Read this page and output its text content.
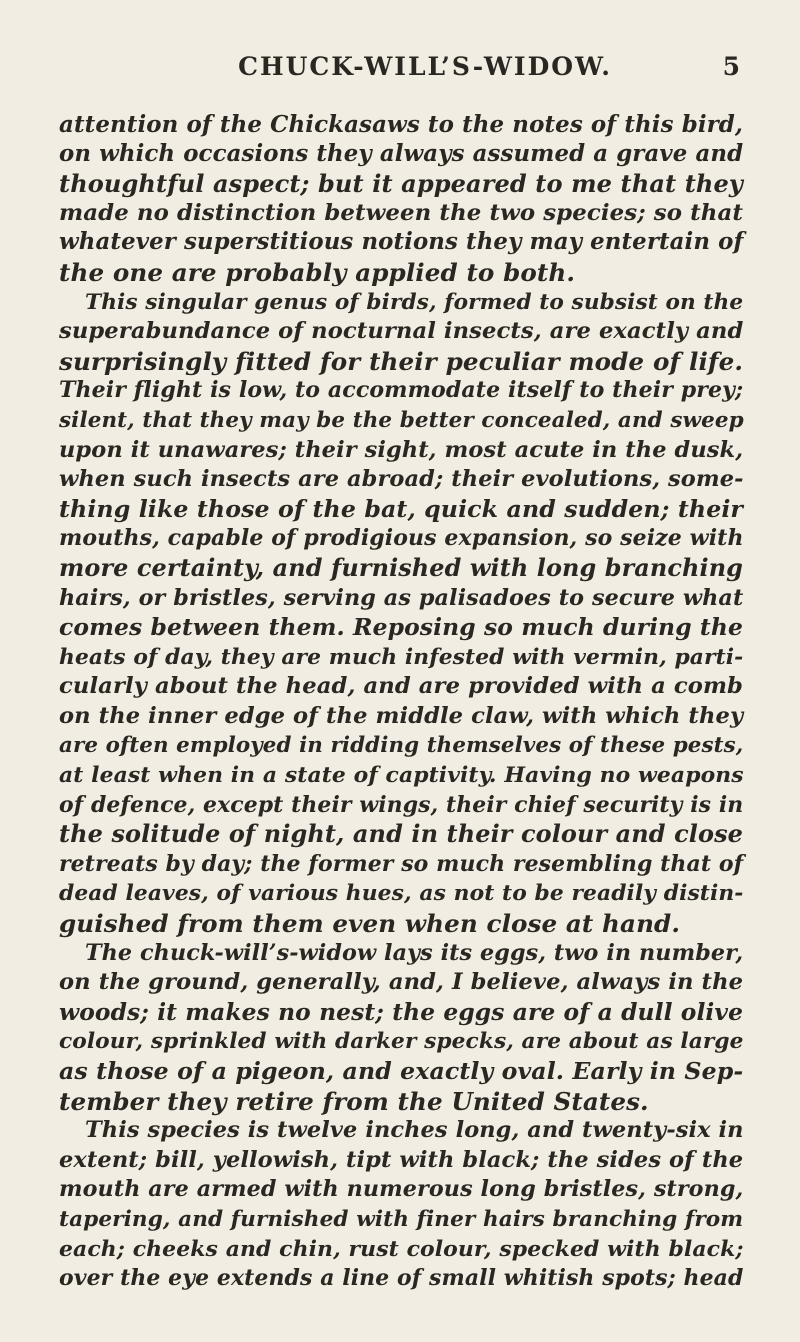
CHUCK-WILL’S-WIDOW.	5
attention of the Chickasaws to the notes of this bird,
on which occasions they always assumed a grave and
thoughtful aspect; but it appeared to me that they
made no distinction between the two species; so that
whatever superstitious notions they may entertain of
the one are probably applied to both.
This singular genus of birds, formed to subsist on the
superabundance of nocturnal insects, are exactly and
surprisingly fitted for their peculiar mode of life.
Their flight is low, to accommodate itself to their prey;
silent, that they may be the better concealed, and sweep
upon it unawares; their sight, most acute in the dusk,
when such insects are abroad; their evolutions, some-
thing like those of the bat, quick and sudden; their
mouths, capable of prodigious expansion, so seize with
more certainty, and furnished with long branching
hairs, or bristles, serving as palisadoes to secure what
comes between them. Reposing so much during the
heats of day, they are much infested with vermin, parti-
cularly about the head, and are provided with a comb
on the inner edge of the middle claw, with which they
are often employed in ridding themselves of these pests,
at least when in a state of captivity. Having no weapons
of defence, except their wings, their chief security is in
the solitude of night, and in their colour and close
retreats by day; the former so much resembling that of
dead leaves, of various hues, as not to be readily distin-
guished from them even when close at hand.
The chuck-will’s-widow lays its eggs, two in number,
on the ground, generally, and, I believe, always in the
woods; it makes no nest; the eggs are of a dull olive
colour, sprinkled with darker specks, are about as large
as those of a pigeon, and exactly oval. Early in Sep-
tember they retire from the United States.
This species is twelve inches long, and twenty-six in
extent; bill, yellowish, tipt with black; the sides of the
mouth are armed with numerous long bristles, strong,
tapering, and furnished with finer hairs branching from
each; cheeks and chin, rust colour, specked with black;
over the eye extends a line of small whitish spots; head
